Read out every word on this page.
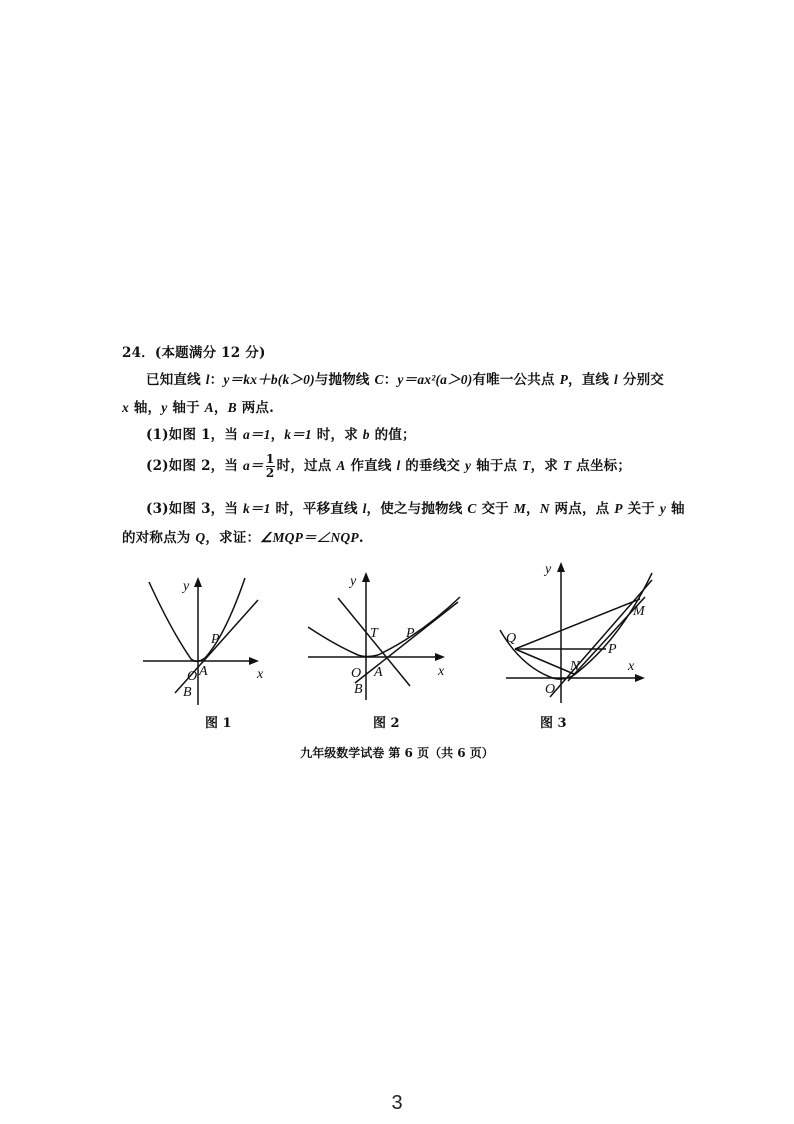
24．(本题满分 12 分)
已知直线 l：y＝kx＋b(k＞0)与抛物线 C：y＝ax²(a＞0)有唯一公共点 P，直线 l 分别交
x 轴，y 轴于 A，B 两点.
(1)如图 1，当 a＝1，k＝1 时，求 b 的值；
(2)如图 2，当 $a= \frac{1}{2}$ 时，过点 A 作直线 l 的垂线交 y 轴于点 T，求 T 点坐标；
(3)如图 3，当 k＝1 时，平移直线 l，使之与抛物线 C 交于 M，N 两点，点 P 关于 y 轴
的对称点为 Q，求证：∠MQP＝∠NQP.
O A
B
P
y
x
图 1
O A
B
T P
y
x
图 2
O
N
P
Q
M
y
x
图 3
九年级数学试卷 第 6 页（共 6 页）
3
